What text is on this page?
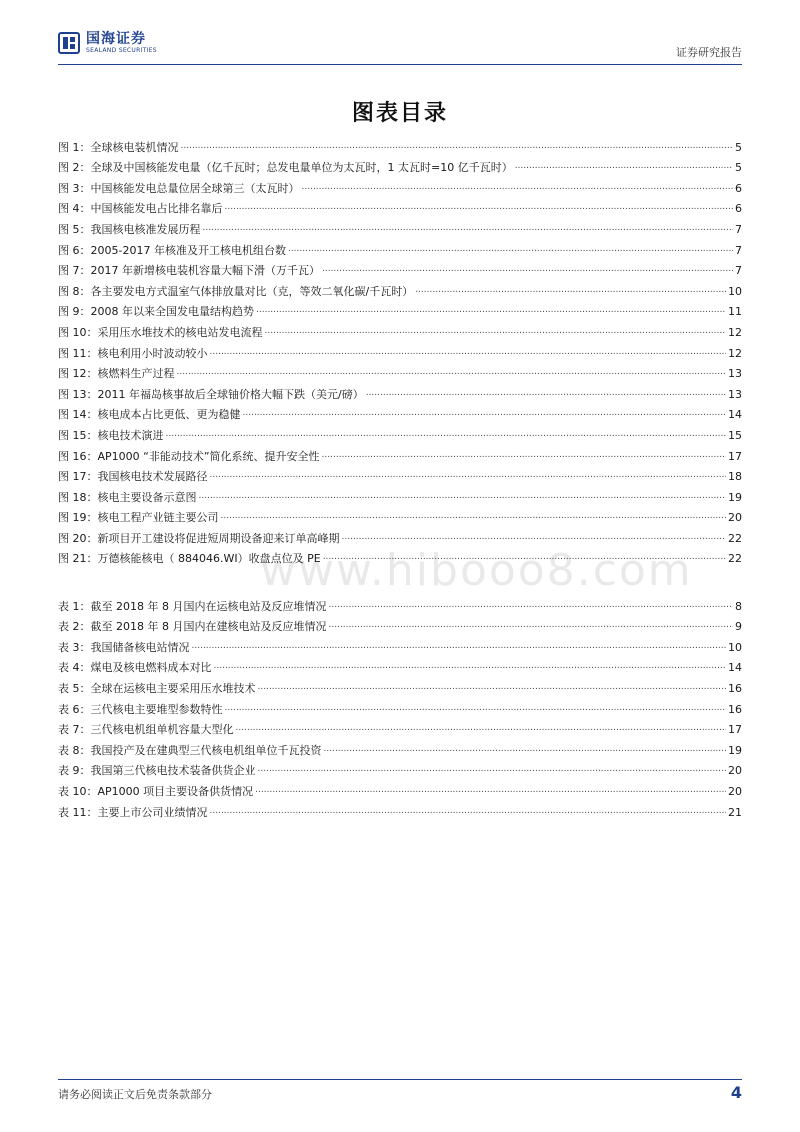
国海证券
SEALAND SECURITIES	证券研究报告
图表目录
www.hibooo8.com
图 1：全球核电装机情况 .....	5
图 2：全球及中国核能发电量（亿千瓦时；总发电量单位为太瓦时，1 太瓦时=10 亿千瓦时） .....	5
图 3：中国核能发电总量位居全球第三（太瓦时） .....	6
图 4：中国核能发电占比排名靠后 .....	6
图 5：我国核电核准发展历程 .....	7
图 6：2005-2017 年核准及开工核电机组台数 .....	7
图 7：2017 年新增核电装机容量大幅下滑（万千瓦） .....	7
图 8：各主要发电方式温室气体排放量对比（克，等效二氧化碳/千瓦时） .....	10
图 9：2008 年以来全国发电量结构趋势 .....	11
图 10：采用压水堆技术的核电站发电流程 .....	12
图 11：核电利用小时波动较小 .....	12
图 12：核燃料生产过程 .....	13
图 13：2011 年福岛核事故后全球铀价格大幅下跌（美元/磅） .....	13
图 14：核电成本占比更低、更为稳健 .....	14
图 15：核电技术演进 .....	15
图 16：AP1000 “非能动技术”简化系统、提升安全性 .....	17
图 17：我国核电技术发展路径 .....	18
图 18：核电主要设备示意图 .....	19
图 19：核电工程产业链主要公司 .....	20
图 20：新项目开工建设将促进短周期设备迎来订单高峰期 .....	22
图 21：万德核能核电（ 884046.WI）收盘点位及 PE .....	22
表 1：截至 2018 年 8 月国内在运核电站及反应堆情况 .....	8
表 2：截至 2018 年 8 月国内在建核电站及反应堆情况 .....	9
表 3：我国储备核电站情况 .....	10
表 4：煤电及核电燃料成本对比 .....	14
表 5：全球在运核电主要采用压水堆技术 .....	16
表 6：三代核电主要堆型参数特性 .....	16
表 7：三代核电机组单机容量大型化 .....	17
表 8：我国投产及在建典型三代核电机组单位千瓦投资 .....	19
表 9：我国第三代核电技术装备供货企业 .....	20
表 10：AP1000 项目主要设备供货情况 .....	20
表 11：主要上市公司业绩情况 .....	21
请务必阅读正文后免责条款部分	4
